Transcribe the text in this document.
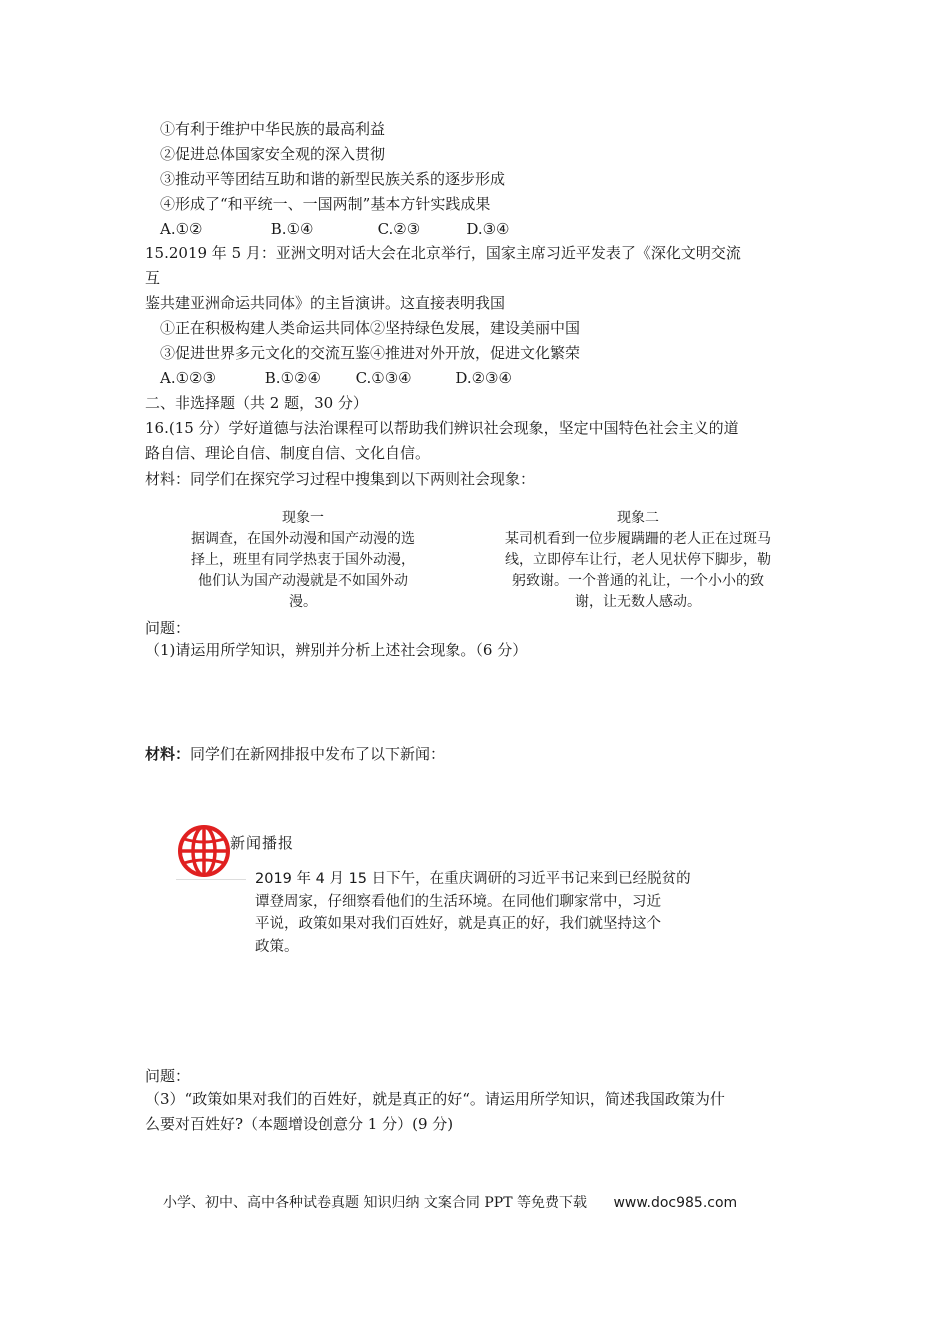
①有利于维护中华民族的最高利益
②促进总体国家安全观的深入贯彻
③推动平等团结互助和谐的新型民族关系的逐步形成
④形成了“和平统一、一国两制”基本方针实践成果
A.①②	B.①④	C.②③	D.③④
15.2019 年 5 月：亚洲文明对话大会在北京举行，国家主席习近平发表了《深化文明交流
互
鉴共建亚洲命运共同体》的主旨演讲。这直接表明我国
①正在积极构建人类命运共同体②坚持绿色发展，建设美丽中国
③促进世界多元文化的交流互鉴④推进对外开放，促进文化繁荣
A.①②③	B.①②④ C.①③④	D.②③④
二、非选择题（共 2 题，30 分）
16.(15 分）学好道德与法治课程可以帮助我们辨识社会现象，坚定中国特色社会主义的道
路自信、理论自信、制度自信、文化自信。
材料：同学们在探究学习过程中搜集到以下两则社会现象：
现象一
据调查，在国外动漫和国产动漫的选
择上，班里有同学热衷于国外动漫，
他们认为国产动漫就是不如国外动
漫。
现象二
某司机看到一位步履蹒跚的老人正在过斑马
线，立即停车让行，老人见状停下脚步，勒
躬致谢。一个普通的礼让，一个小小的致
谢，让无数人感动。
问题：
（1)请运用所学知识，辨别并分析上述社会现象。（6 分）
材料：同学们在新网排报中发布了以下新闻：
新闻播报
2019 年 4 月 15 日下午，在重庆调研的习近平书记来到已经脱贫的
谭登周家，仔细察看他们的生活环境。在同他们聊家常中，习近
平说，政策如果对我们百姓好，就是真正的好，我们就坚持这个
政策。
问题：
（3）“政策如果对我们的百姓好，就是真正的好“。请运用所学知识，简述我国政策为什
么要对百姓好?（本题增设创意分 1 分）(9 分)
小学、初中、高中各种试卷真题 知识归纳 文案合同 PPT 等免费下载 www.doc985.com
